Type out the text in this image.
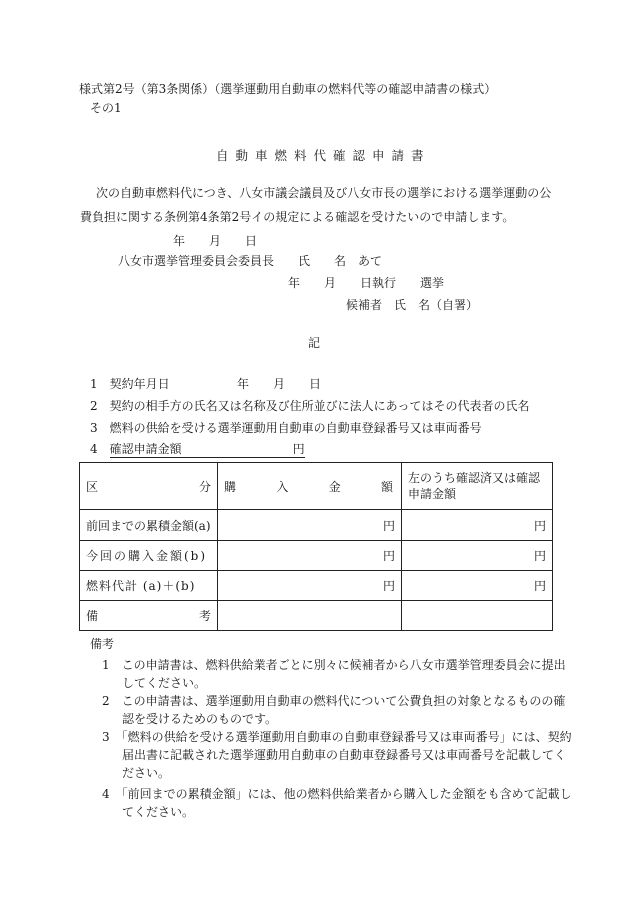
様式第2号（第3条関係）（選挙運動用自動車の燃料代等の確認申請書の様式）
その1
自動車燃料代確認申請書
次の自動車燃料代につき、八女市議会議員及び八女市長の選挙における選挙運動の公
費負担に関する条例第4条第2号イの規定による確認を受けたいので申請します。
年　　月　　日
八女市選挙管理委員会委員長　　氏　　名　あて
年　　月　　日執行　　選挙
候補者　氏　名（自署）
記
1　 契約年月日	年　　月　　日
2　 契約の相手方の氏名又は名称及び住所並びに法人にあってはその代表者の氏名
3　 燃料の供給を受ける選挙運動用自動車の自動車登録番号又は車両番号
4　 確認申請金額	円
区 分	購 入 金 額	左のうち確認済又は確認申請金額
前回までの累積金額(a)	円	円
今回の購入金額(b)	円	円
燃料代計 (a)＋(b)	円	円

備 考		

備考
1　この申請書は、燃料供給業者ごとに別々に候補者から八女市選挙管理委員会に提出してください。
2　この申請書は、選挙運動用自動車の燃料代について公費負担の対象となるものの確認を受けるためのものです。
3　「燃料の供給を受ける選挙運動用自動車の自動車登録番号又は車両番号」には、契約届出書に記載された選挙運動用自動車の自動車登録番号又は車両番号を記載してください。
4　「前回までの累積金額」には、他の燃料供給業者から購入した金額をも含めて記載してください。
